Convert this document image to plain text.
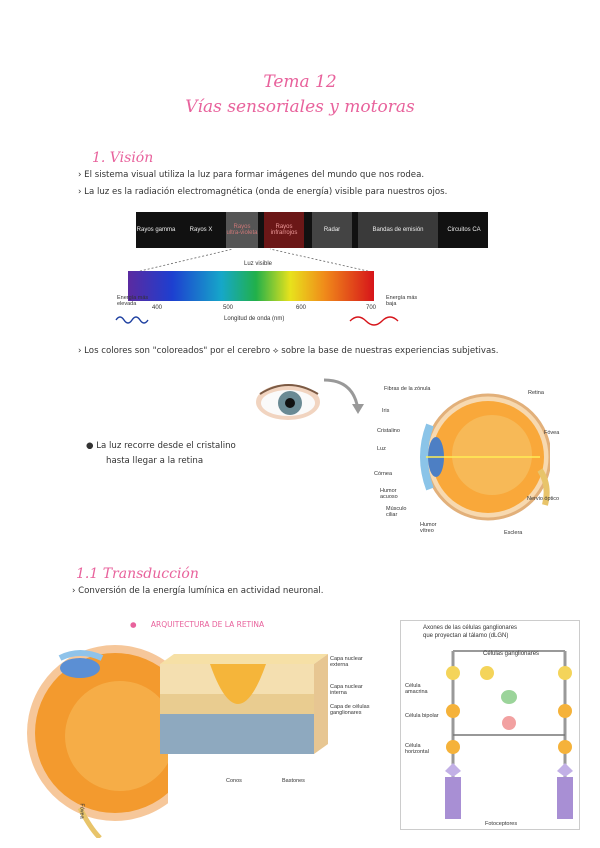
Tema 12
Vías sensoriales y motoras
1. Visión
› El sistema visual utiliza la luz para formar imágenes del mundo que nos rodea.
› La luz es la radiación electromagnética (onda de energía) visible para nuestros ojos.
Rayos gamma	Rayos X
Rayos ultra-violeta
Rayos infrarrojos
Radar	Bandas de emisión	Circuitos CA
Luz visible
400	500	600	700
Longitud de onda (nm)
Energía más elevada
Energía más baja
› Los colores son "coloreados" por el cerebro ⟡ sobre la base de nuestras experiencias subjetivas.
● La luz recorre desde el cristalino
hasta llegar a la retina
Fibras de la zónula
Iris
Cristalino
Luz
Córnea
Humor acuoso
Músculo ciliar
Humor vítreo
Retina
Fóvea
Nervio óptico
Esclera
1.1 Transducción
› Conversión de la energía lumínica en actividad neuronal.
●      ARQUITECTURA DE LA RETINA
Fóvea
Capa nuclear externa
Capa nuclear interna
Capa de células ganglionares
Conos	Bastones
Axones de las células ganglionares
que proyectan al tálamo (dLGN)
Células ganglionares
Célula amacrina
Célula bipolar
Célula horizontal
Fotoceptores
